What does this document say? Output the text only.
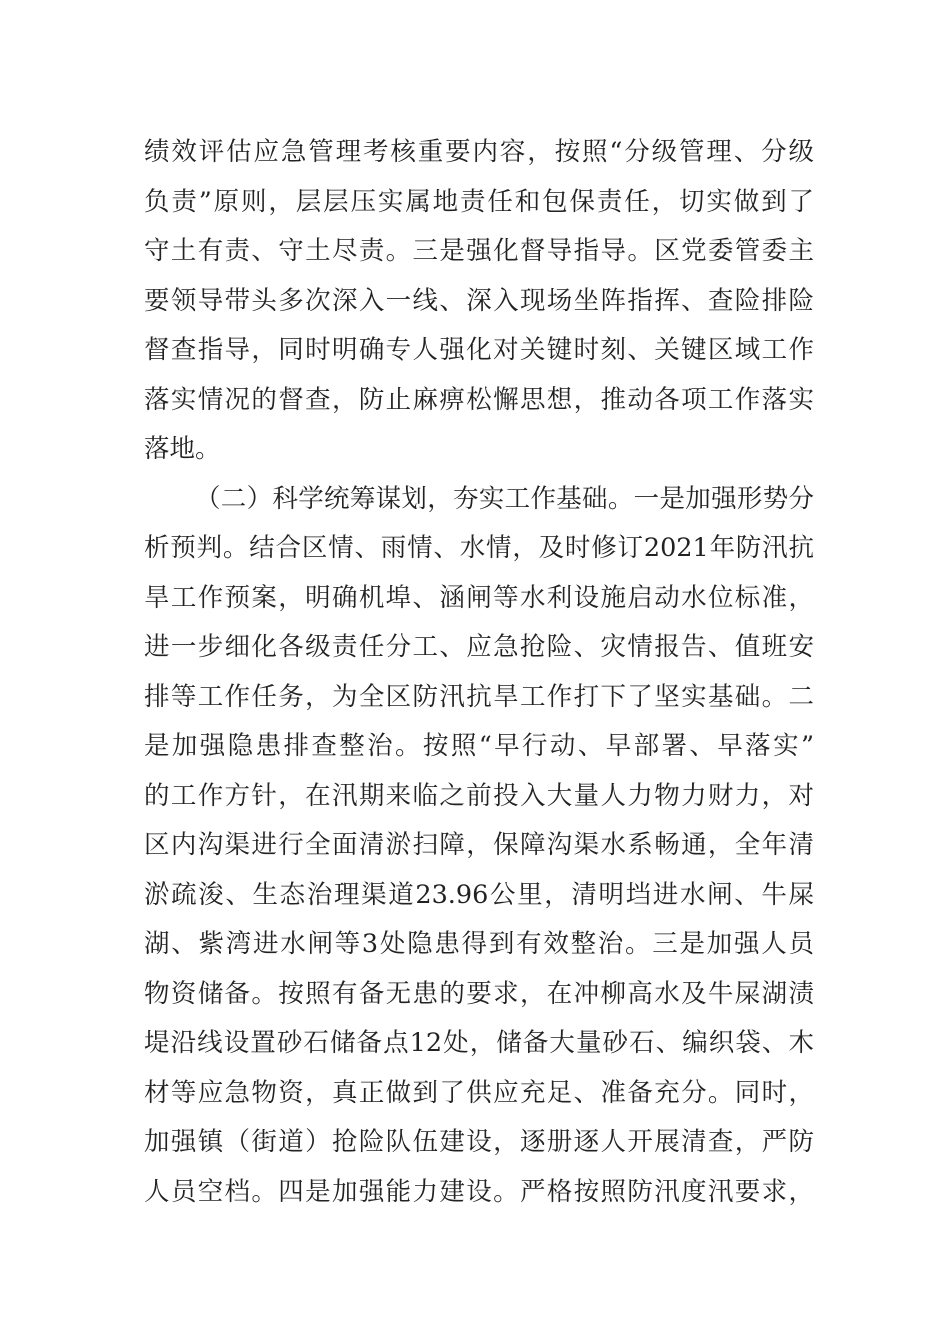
绩效评估应急管理考核重要内容，按照“分级管理、分级
负责”原则，层层压实属地责任和包保责任，切实做到了
守土有责、守土尽责。三是强化督导指导。区党委管委主
要领导带头多次深入一线、深入现场坐阵指挥、查险排险
督查指导，同时明确专人强化对关键时刻、关键区域工作
落实情况的督查，防止麻痹松懈思想，推动各项工作落实
落地。
（二）科学统筹谋划，夯实工作基础。一是加强形势分
析预判。结合区情、雨情、水情，及时修订2021年防汛抗
旱工作预案，明确机埠、涵闸等水利设施启动水位标准，
进一步细化各级责任分工、应急抢险、灾情报告、值班安
排等工作任务，为全区防汛抗旱工作打下了坚实基础。二
是加强隐患排查整治。按照“早行动、早部署、早落实”
的工作方针，在汛期来临之前投入大量人力物力财力，对
区内沟渠进行全面清淤扫障，保障沟渠水系畅通，全年清
淤疏浚、生态治理渠道23.96公里，清明垱进水闸、牛屎
湖、紫湾进水闸等3处隐患得到有效整治。三是加强人员
物资储备。按照有备无患的要求，在冲柳高水及牛屎湖渍
堤沿线设置砂石储备点12处，储备大量砂石、编织袋、木
材等应急物资，真正做到了供应充足、准备充分。同时，
加强镇（街道）抢险队伍建设，逐册逐人开展清查，严防
人员空档。四是加强能力建设。严格按照防汛度汛要求，
